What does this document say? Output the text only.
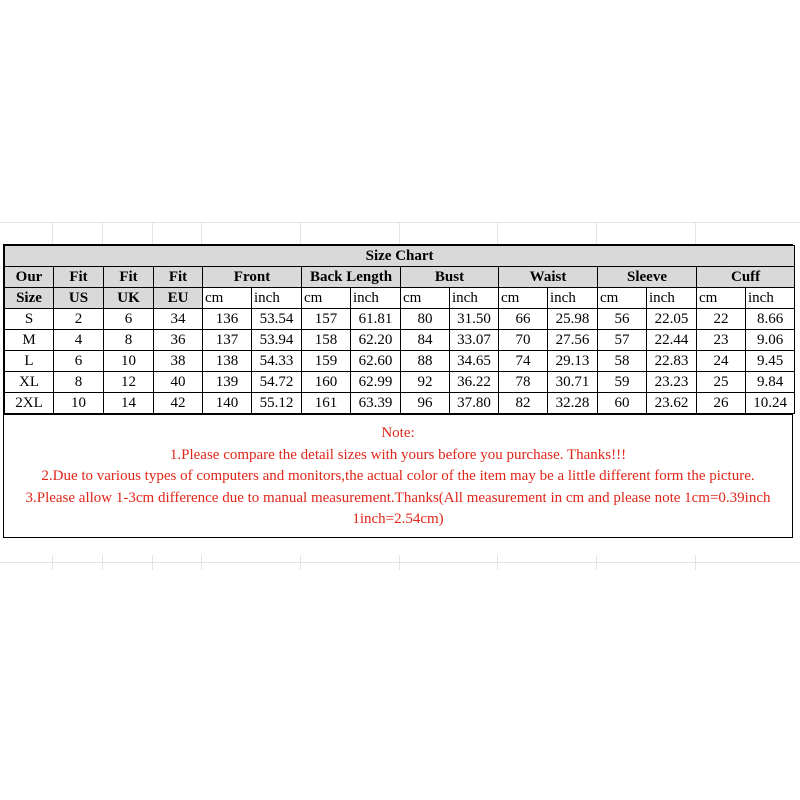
Size Chart															
Our	Fit	Fit	Fit	Front		Back Length		Bust		Waist		Sleeve		Cuff	
Size	US	UK	EU	cm	inch	cm	inch	cm	inch	cm	inch	cm	inch	cm	inch
S	2	6	34	136	53.54	157	61.81	80	31.50	66	25.98	56	22.05	22	8.66
M	4	8	36	137	53.94	158	62.20	84	33.07	70	27.56	57	22.44	23	9.06
L	6	10	38	138	54.33	159	62.60	88	34.65	74	29.13	58	22.83	24	9.45
XL	8	12	40	139	54.72	160	62.99	92	36.22	78	30.71	59	23.23	25	9.84
2XL	10	14	42	140	55.12	161	63.39	96	37.80	82	32.28	60	23.62	26	10.24
Note:
1.Please compare the detail sizes with yours before you purchase. Thanks!!!
2.Due to various types of computers and monitors,the actual color of the item may be a little different form the picture.
3.Please allow 1-3cm difference due to manual measurement.Thanks(All measurement in cm and please note 1cm=0.39inch 1inch=2.54cm)
